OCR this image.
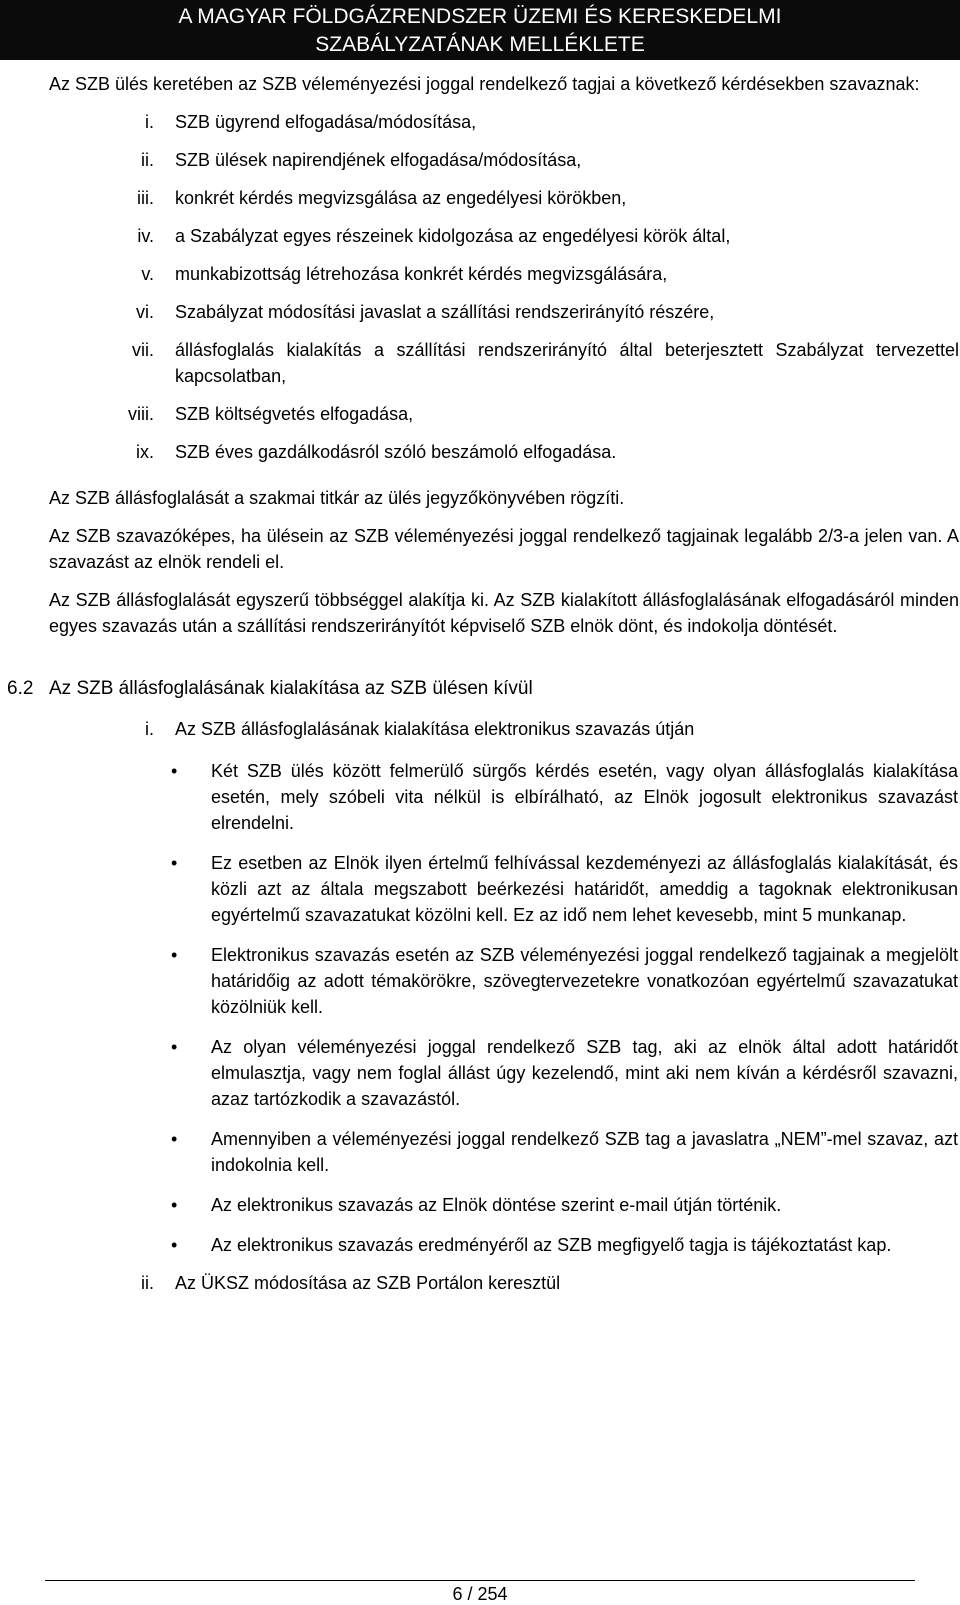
A MAGYAR FÖLDGÁZRENDSZER ÜZEMI ÉS KERESKEDELMI
SZABÁLYZATÁNAK MELLÉKLETE

Az SZB ülés keretében az SZB véleményezési joggal rendelkező tagjai a következő kérdésekben szavaznak:

i. SZB ügyrend elfogadása/módosítása,
ii. SZB ülések napirendjének elfogadása/módosítása,
iii. konkrét kérdés megvizsgálása az engedélyesi körökben,
iv. a Szabályzat egyes részeinek kidolgozása az engedélyesi körök által,
v. munkabizottság létrehozása konkrét kérdés megvizsgálására,
vi. Szabályzat módosítási javaslat a szállítási rendszerirányító részére,
vii. állásfoglalás kialakítás a szállítási rendszerirányító által beterjesztett Szabályzat tervezettel kapcsolatban,
viii. SZB költségvetés elfogadása,
ix. SZB éves gazdálkodásról szóló beszámoló elfogadása.

Az SZB állásfoglalását a szakmai titkár az ülés jegyzőkönyvében rögzíti.

Az SZB szavazóképes, ha ülésein az SZB véleményezési joggal rendelkező tagjainak legalább 2/3-a jelen van. A szavazást az elnök rendeli el.

Az SZB állásfoglalását egyszerű többséggel alakítja ki. Az SZB kialakított állásfoglalásának elfogadásáról minden egyes szavazás után a szállítási rendszerirányítót képviselő SZB elnök dönt, és indokolja döntését.

6.2 Az SZB állásfoglalásának kialakítása az SZB ülésen kívül
i. Az SZB állásfoglalásának kialakítása elektronikus szavazás útján
•	Két SZB ülés között felmerülő sürgős kérdés esetén, vagy olyan állásfoglalás kialakítása esetén, mely szóbeli vita nélkül is elbírálható, az Elnök jogosult elektronikus szavazást elrendelni.
•	Ez esetben az Elnök ilyen értelmű felhívással kezdeményezi az állásfoglalás kialakítását, és közli azt az általa megszabott beérkezési határidőt, ameddig a tagoknak elektronikusan egyértelmű szavazatukat közölni kell. Ez az idő nem lehet kevesebb, mint 5 munkanap.
•	Elektronikus szavazás esetén az SZB véleményezési joggal rendelkező tagjainak a megjelölt határidőig az adott témakörökre, szövegtervezetekre vonatkozóan egyértelmű szavazatukat közölniük kell.
•	Az olyan véleményezési joggal rendelkező SZB tag, aki az elnök által adott határidőt elmulasztja, vagy nem foglal állást úgy kezelendő, mint aki nem kíván a kérdésről szavazni, azaz tartózkodik a szavazástól.
•	Amennyiben a véleményezési joggal rendelkező SZB tag a javaslatra „NEM”-mel szavaz, azt indokolnia kell.
•	Az elektronikus szavazás az Elnök döntése szerint e-mail útján történik.
•	Az elektronikus szavazás eredményéről az SZB megfigyelő tagja is tájékoztatást kap.
ii. Az ÜKSZ módosítása az SZB Portálon keresztül
6 / 254
